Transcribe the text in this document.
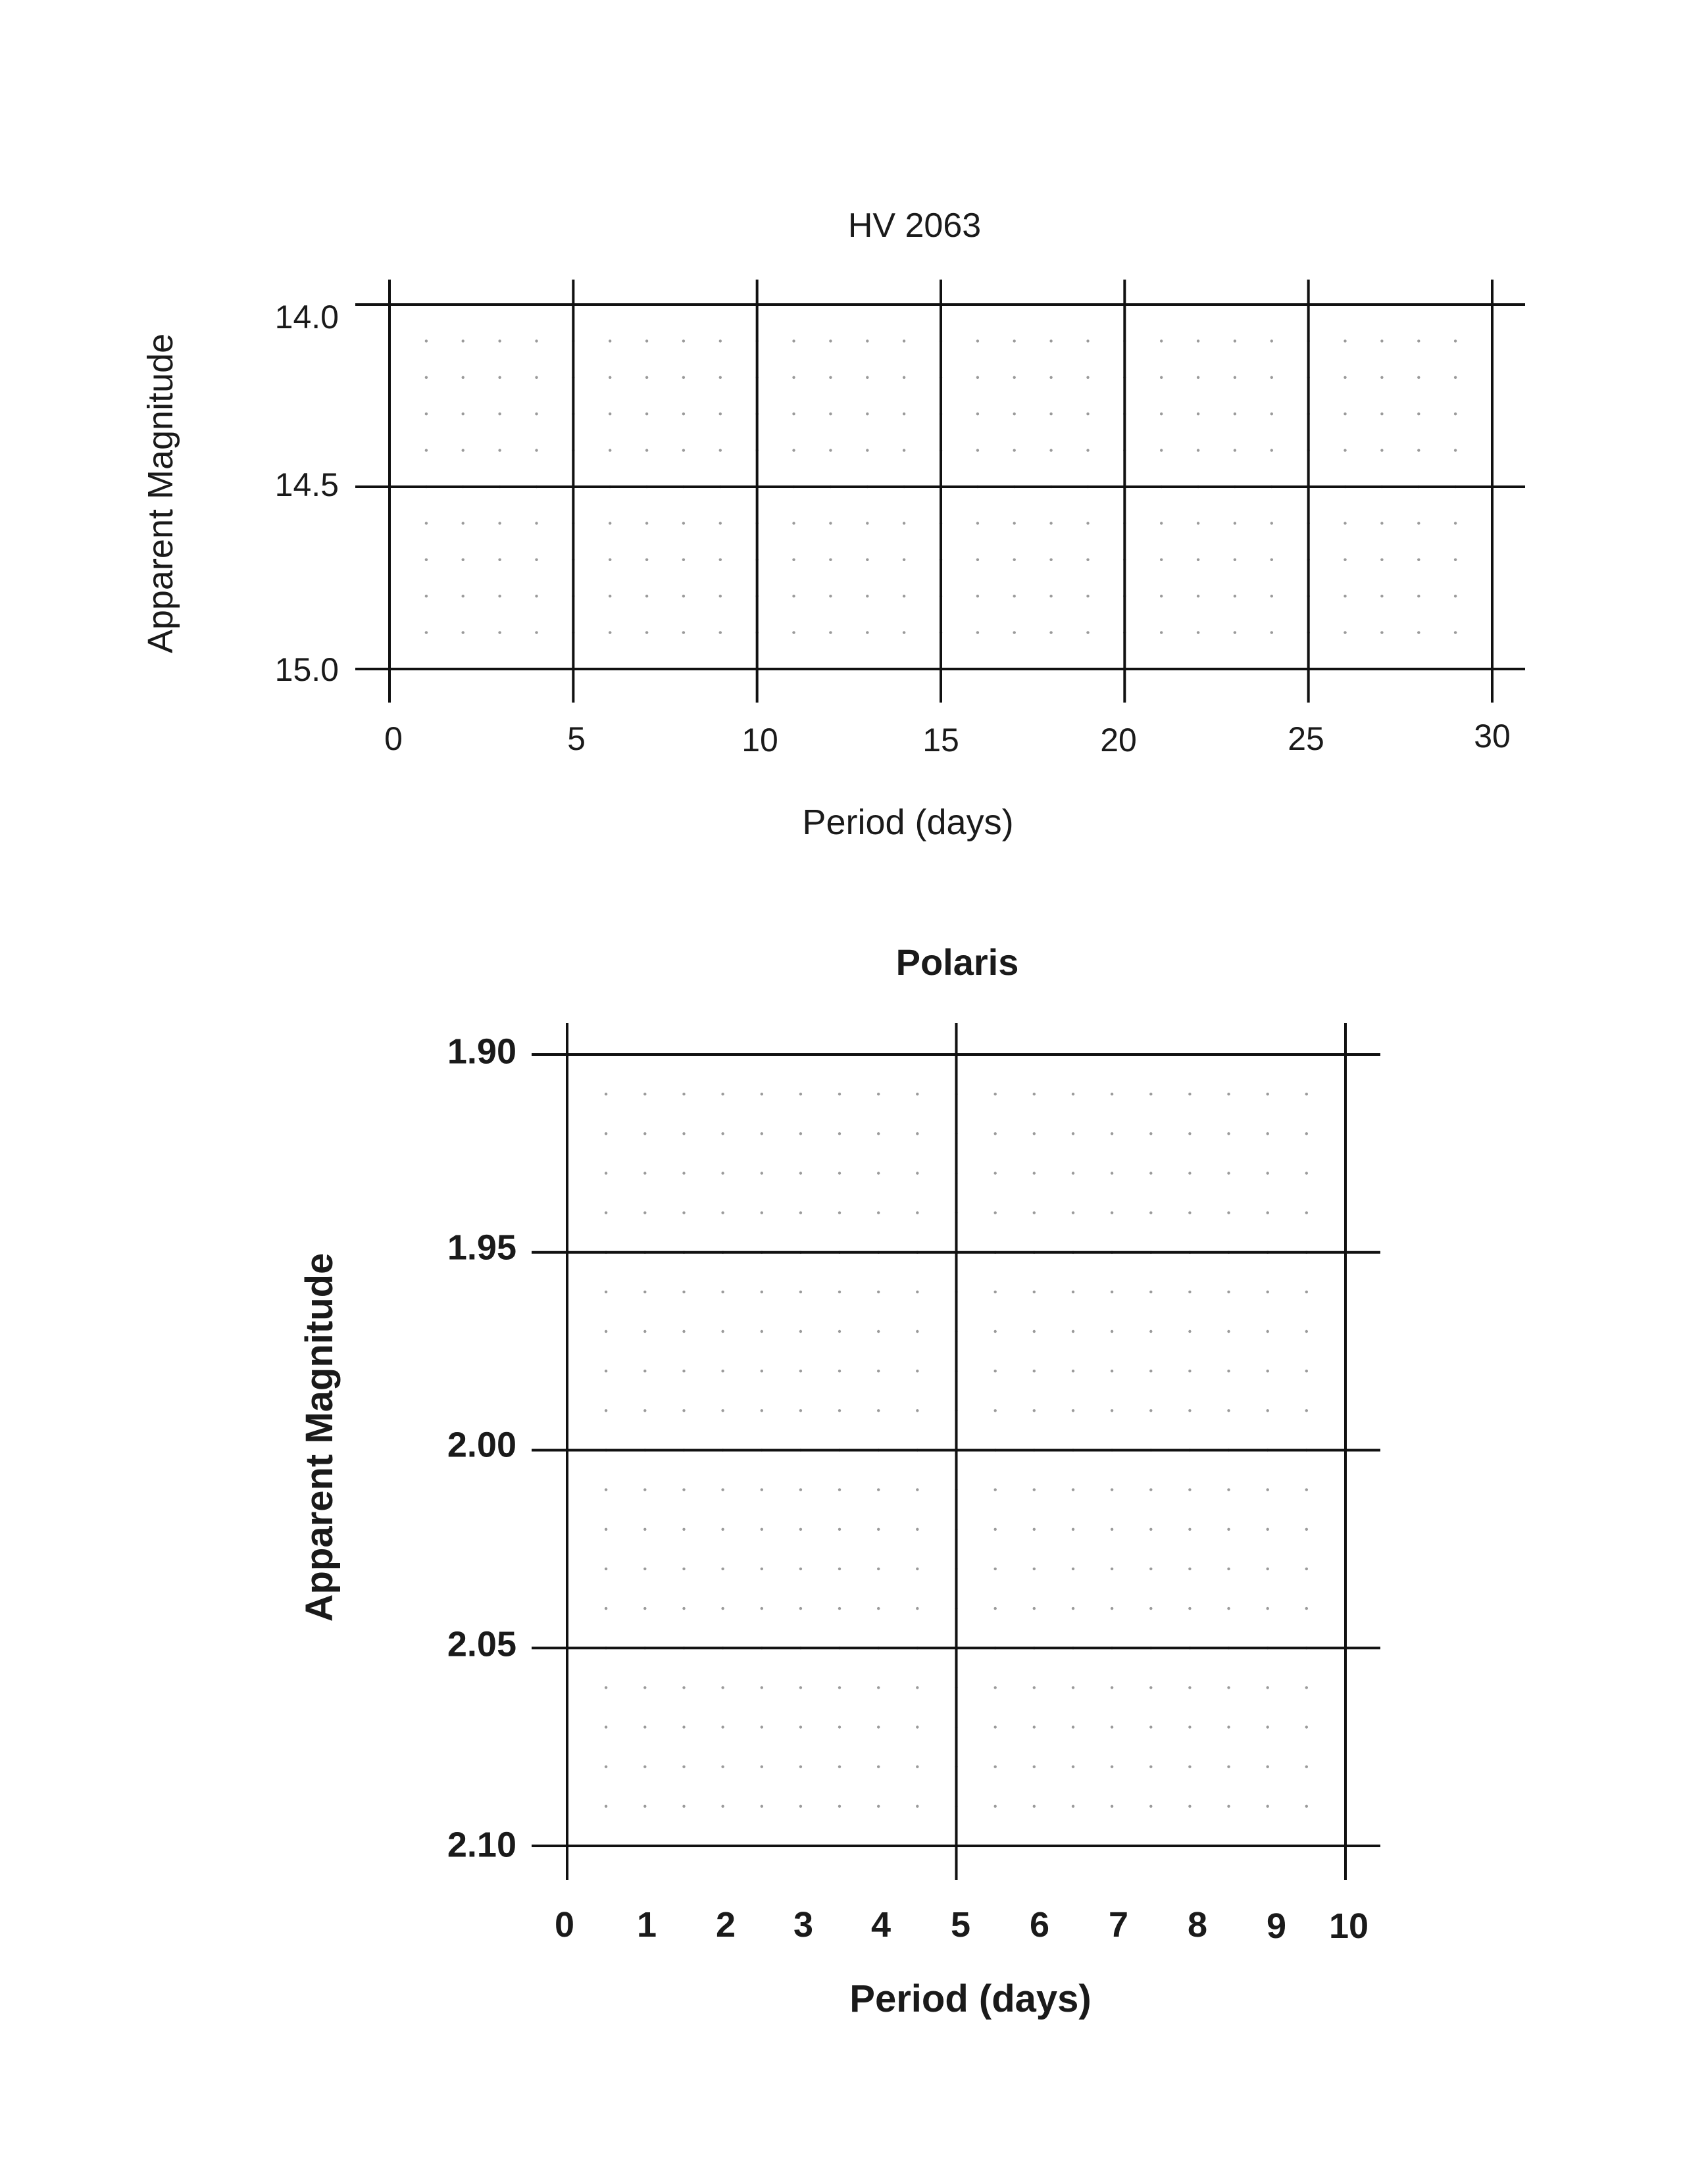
HV 2063
14.0
14.5
15.0
0	5	10	15	20	25	30
Period (days)
Apparent Magnitude
Polaris
1.90
1.95
2.00
2.05
2.10
0 1 2 3 4 5 6 7 8 9 10
Period (days)
Apparent Magnitude
